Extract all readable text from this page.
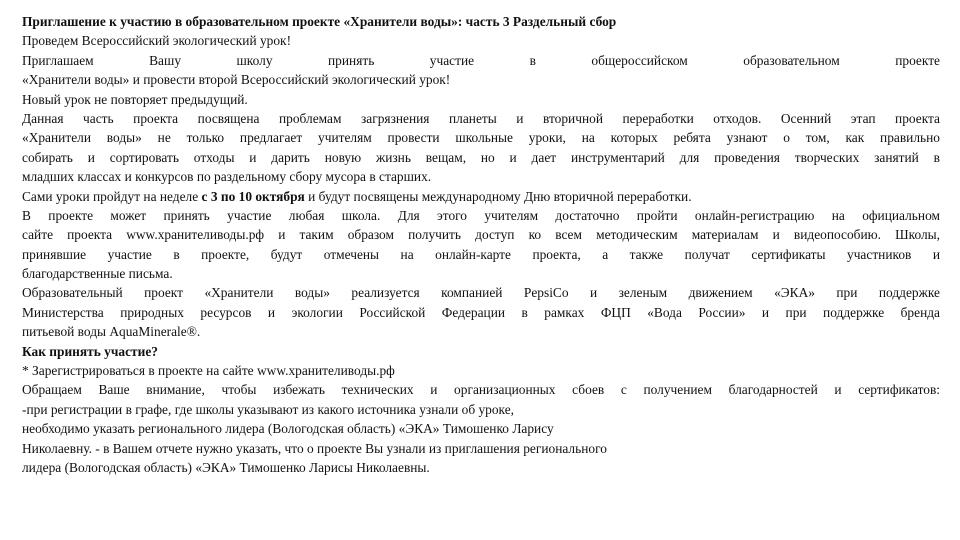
Приглашение к участию в образовательном проекте «Хранители воды»: часть 3 Раздельный сбор
Проведем Всероссийский экологический урок!
Приглашаем Вашу школу принять участие в общероссийском образовательном проекте
«Хранители воды» и провести второй Всероссийский экологический урок!
Новый урок не повторяет предыдущий.
Данная часть проекта посвящена проблемам загрязнения планеты и вторичной переработки отходов. Осенний этап проекта
«Хранители воды» не только предлагает учителям провести школьные уроки, на которых ребята узнают о том, как правильно
собирать и сортировать отходы и дарить новую жизнь вещам, но и дает инструментарий для проведения творческих занятий в
младших классах и конкурсов по раздельному сбору мусора в старших.
Сами уроки пройдут на неделе с 3 по 10 октября и будут посвящены международному Дню вторичной переработки.
В проекте может принять участие любая школа. Для этого учителям достаточно пройти онлайн-регистрацию на официальном
сайте проекта www.хранителиводы.рф и таким образом получить доступ ко всем методическим материалам и видеопособию. Школы,
принявшие участие в проекте, будут отмечены на онлайн-карте проекта, а также получат сертификаты участников и
благодарственные письма.
Образовательный проект «Хранители воды» реализуется компанией PepsiCo и зеленым движением «ЭКА» при поддержке
Министерства природных ресурсов и экологии Российской Федерации в рамках ФЦП «Вода России» и при поддержке бренда
питьевой воды AquaMinerale®.
Как принять участие?
* Зарегистрироваться в проекте на сайте www.хранителиводы.рф
Обращаем Ваше внимание, чтобы избежать технических и организационных сбоев с получением благодарностей и сертификатов:
-при регистрации в графе, где школы указывают из какого источника узнали об уроке,
необходимо указать регионального лидера (Вологодская область) «ЭКА» Тимошенко Ларису
Николаевну. - в Вашем отчете нужно указать, что о проекте Вы узнали из приглашения регионального
лидера (Вологодская область) «ЭКА» Тимошенко Ларисы Николаевны.
